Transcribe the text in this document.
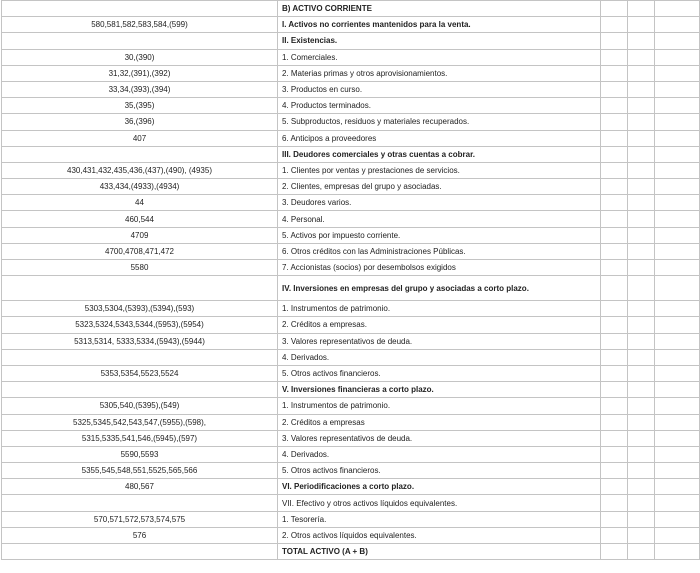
	B) ACTIVO CORRIENTE			
580,581,582,583,584,(599)	I. Activos no corrientes mantenidos para la venta.			
	II. Existencias.			
30,(390)	1. Comerciales.			
31,32,(391),(392)	2. Materias primas y otros aprovisionamientos.			
33,34,(393),(394)	3. Productos en curso.			
35,(395)	4. Productos terminados.			
36,(396)	5. Subproductos, residuos y materiales recuperados.			
407	6. Anticipos a proveedores			
	III. Deudores comerciales y otras cuentas a cobrar.			
430,431,432,435,436,(437),(490), (4935)	1. Clientes por ventas y prestaciones de servicios.			
433,434,(4933),(4934)	2. Clientes, empresas del grupo y asociadas.			
44	3. Deudores varios.			
460,544	4. Personal.			
4709	5. Activos por impuesto corriente.			
4700,4708,471,472	6. Otros créditos con las Administraciones Públicas.			
5580	7. Accionistas (socios) por desembolsos exigidos			
	IV. Inversiones en empresas del grupo y asociadas a corto plazo.			
5303,5304,(5393),(5394),(593)	1. Instrumentos de patrimonio.			
5323,5324,5343,5344,(5953),(5954)	2. Créditos a empresas.			
5313,5314, 5333,5334,(5943),(5944)	3. Valores representativos de deuda.			
	4. Derivados.			
5353,5354,5523,5524	5. Otros activos financieros.			
	V. Inversiones financieras a corto plazo.			
5305,540,(5395),(549)	1. Instrumentos de patrimonio.			
5325,5345,542,543,547,(5955),(598),	2. Créditos a empresas			
5315,5335,541,546,(5945),(597)	3. Valores representativos de deuda.			
5590,5593	4. Derivados.			
5355,545,548,551,5525,565,566	5. Otros activos financieros.			
480,567	VI. Periodificaciones a corto plazo.			
	VII. Efectivo y otros activos líquidos equivalentes.			
570,571,572,573,574,575	1. Tesorería.			
576	2. Otros activos líquidos equivalentes.			
	TOTAL ACTIVO (A + B)			
